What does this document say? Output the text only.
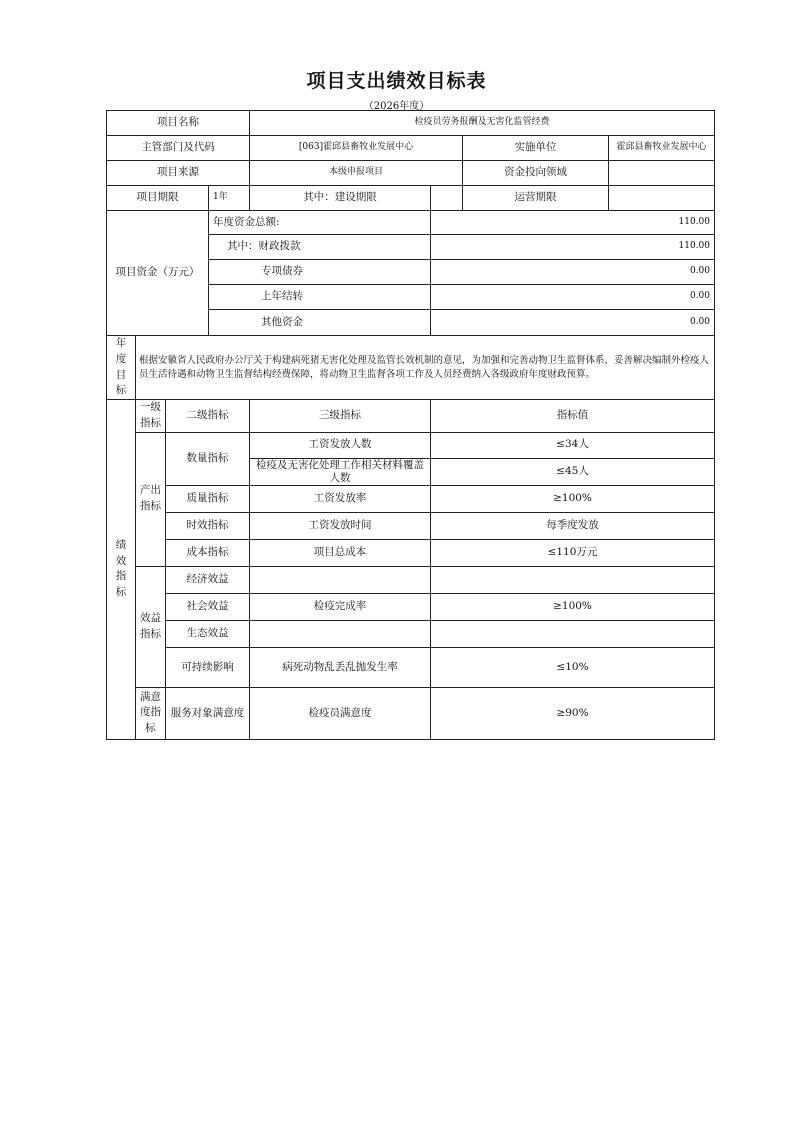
项目支出绩效目标表
（2026年度）
项目名称				检疫员劳务报酬及无害化监管经费			
主管部门及代码				[063]霍邱县畜牧业发展中心		实施单位	霍邱县畜牧业发展中心
项目来源				本级申报项目		资金投向领域	
项目期限			1年	其中：建设期限		运营期限	
项目资金（万元）			年度资金总额:		110.00		
			其中：财政拨款		110.00		
			专项债券		0.00		
			上年结转		0.00		
			其他资金		0.00		
年度目标	根据安徽省人民政府办公厅关于构建病死猪无害化处理及监管长效机制的意见，为加强和完善动物卫生监督体系，妥善解决编制外检疫人员生活待遇和动物卫生监督结构经费保障，将动物卫生监督各项工作及人员经费纳入各级政府年度财政预算。						
绩效指标	一级指标	二级指标		三级指标	指标值		
	产出指标	数量指标		工资发放人数	≤34人		
				检疫及无害化处理工作相关材料覆盖人数	≤45人		
		质量指标		工资发放率	≥100%		
		时效指标		工资发放时间	每季度发放		
		成本指标		项目总成本	≤110万元		
	效益指标	经济效益					
		社会效益		检疫完成率	≥100%		
		生态效益					
		可持续影响		病死动物乱丢乱抛发生率	≤10%		
	满意度指标	服务对象满意度		检疫员满意度	≥90%		
